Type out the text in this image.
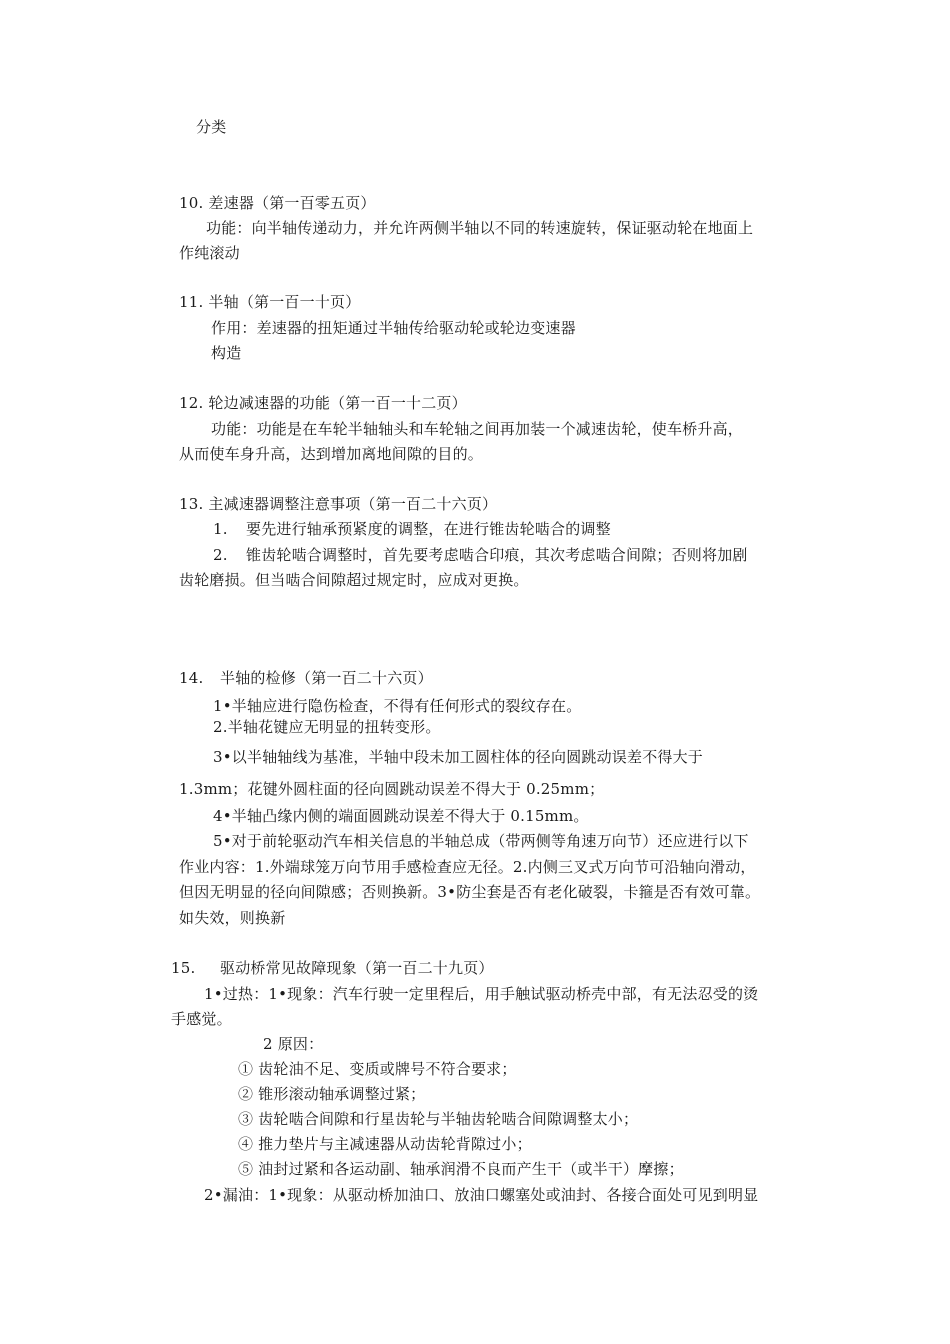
分类
10. 差速器（第一百零五页）
功能：向半轴传递动力，并允许两侧半轴以不同的转速旋转，保证驱动轮在地面上
作纯滚动
11. 半轴（第一百一十页）
作用：差速器的扭矩通过半轴传给驱动轮或轮边变速器
构造
12. 轮边减速器的功能（第一百一十二页）
功能：功能是在车轮半轴轴头和车轮轴之间再加装一个减速齿轮，使车桥升高，
从而使车身升高，达到增加离地间隙的目的。
13. 主减速器调整注意事项（第一百二十六页）
1. 要先进行轴承预紧度的调整，在进行锥齿轮啮合的调整
2. 锥齿轮啮合调整时，首先要考虑啮合印痕，其次考虑啮合间隙；否则将加剧
齿轮磨损。但当啮合间隙超过规定时，应成对更换。
14. 半轴的检修（第一百二十六页）
1•半轴应进行隐伤检查，不得有任何形式的裂纹存在。
2.半轴花键应无明显的扭转变形。
3•以半轴轴线为基准，半轴中段未加工圆柱体的径向圆跳动误差不得大于
1.3mm；花键外圆柱面的径向圆跳动误差不得大于 0.25mm；
4•半轴凸缘内侧的端面圆跳动误差不得大于 0.15mm。
5•对于前轮驱动汽车相关信息的半轴总成（带两侧等角速万向节）还应进行以下
作业内容：1.外端球笼万向节用手感检查应无径。2.内侧三叉式万向节可沿轴向滑动，
但因无明显的径向间隙感；否则换新。3•防尘套是否有老化破裂，卡箍是否有效可靠。
如失效，则换新
15. 驱动桥常见故障现象（第一百二十九页）
1•过热：1•现象：汽车行驶一定里程后，用手触试驱动桥壳中部，有无法忍受的烫
手感觉。
2 原因：
① 齿轮油不足、变质或牌号不符合要求；
② 锥形滚动轴承调整过紧；
③ 齿轮啮合间隙和行星齿轮与半轴齿轮啮合间隙调整太小；
④ 推力垫片与主减速器从动齿轮背隙过小；
⑤ 油封过紧和各运动副、轴承润滑不良而产生干（或半干）摩擦；
2•漏油：1•现象：从驱动桥加油口、放油口螺塞处或油封、各接合面处可见到明显
